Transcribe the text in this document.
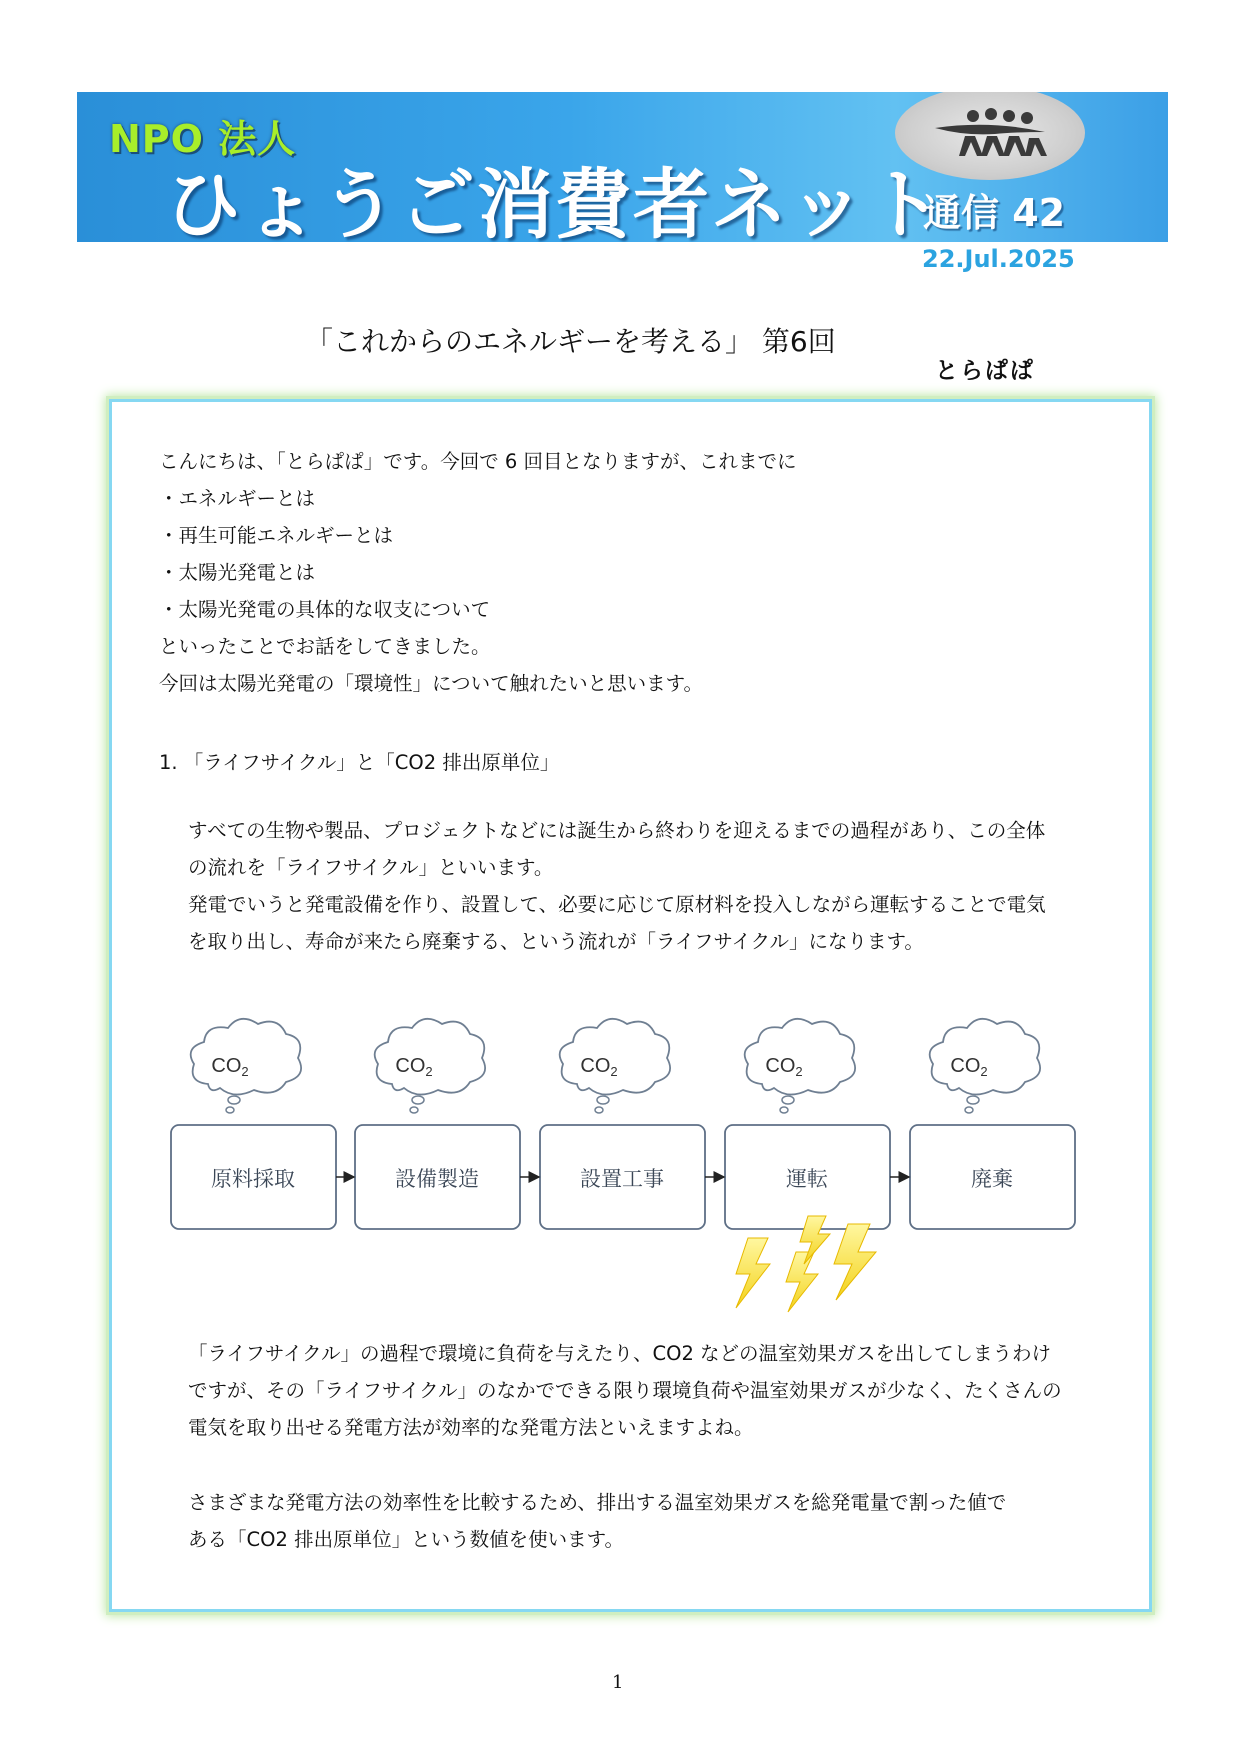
NPO 法人
ひょうご消費者ネット
通信 42
22.Jul.2025
「これからのエネルギーを考える」 第6回
とらぱぱ
こんにちは、「とらぱぱ」です。今回で 6 回目となりますが、これまでに
・エネルギーとは
・再生可能エネルギーとは
・太陽光発電とは
・太陽光発電の具体的な収支について
といったことでお話をしてきました。
今回は太陽光発電の「環境性」について触れたいと思います。
1. 「ライフサイクル」と「CO2 排出原単位」
すべての生物や製品、プロジェクトなどには誕生から終わりを迎えるまでの過程があり、この全体
の流れを「ライフサイクル」といいます。
発電でいうと発電設備を作り、設置して、必要に応じて原材料を投入しながら運転することで電気
を取り出し、寿命が来たら廃棄する、という流れが「ライフサイクル」になります。
$CO_2$	$CO_2$	$CO_2$	$CO_2$	$CO_2$
原料採取	設備製造	設置工事	運転	廃棄
「ライフサイクル」の過程で環境に負荷を与えたり、CO2 などの温室効果ガスを出してしまうわけ
ですが、その「ライフサイクル」のなかでできる限り環境負荷や温室効果ガスが少なく、たくさんの
電気を取り出せる発電方法が効率的な発電方法といえますよね。
さまざまな発電方法の効率性を比較するため、排出する温室効果ガスを総発電量で割った値で
ある「CO2 排出原単位」という数値を使います。
1
